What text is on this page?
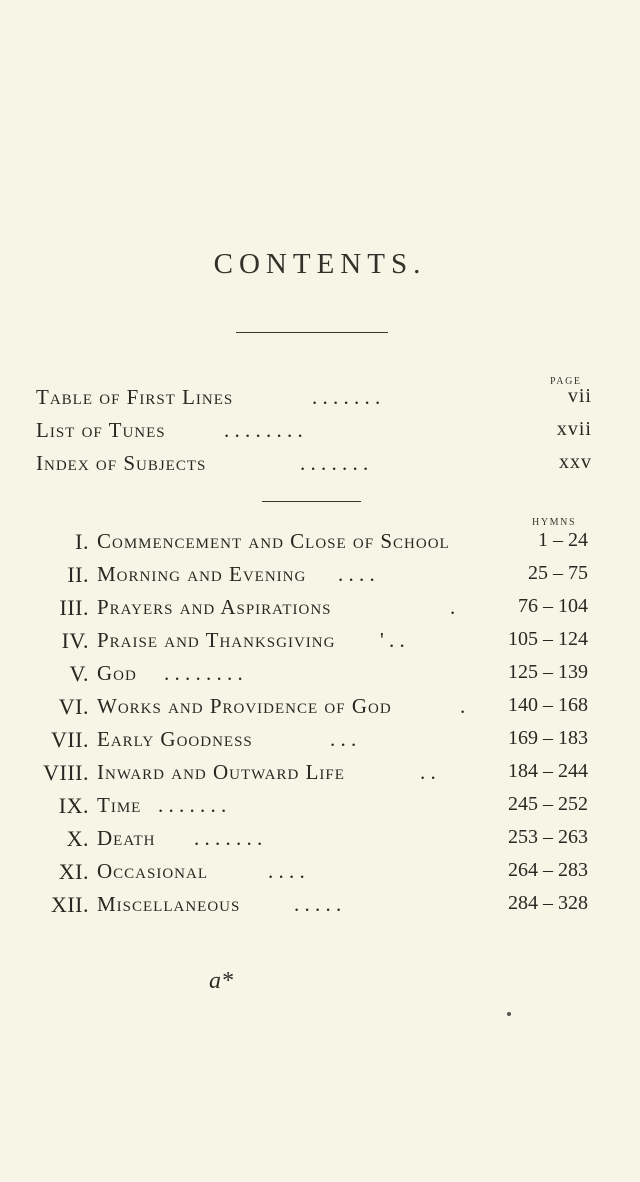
CONTENTS.
PAGE
Table of First Lines	. . . . . . .	vii
List of Tunes	. . . . . . . .	xvii
Index of Subjects	. . . . . . .	xxv
HYMNS
I. Commencement and Close of School	1 – 24
II. Morning and Evening . . . .	25 – 75
III. Prayers and Aspirations	.	76 – 104
IV. Praise and Thanksgiving ' . .	105 – 124
V. God . . . . . . . .	125 – 139
VI. Works and Providence of God	. 140 – 168
VII. Early Goodness	. . .	169 – 183
VIII. Inward and Outward Life	. .	184 – 244
IX. Time . . . . . . .	245 – 252
X. Death . . . . . . .	253 – 263
XI. Occasional	. . . .	264 – 283
XII. Miscellaneous	. . . . .	284 – 328
a*
